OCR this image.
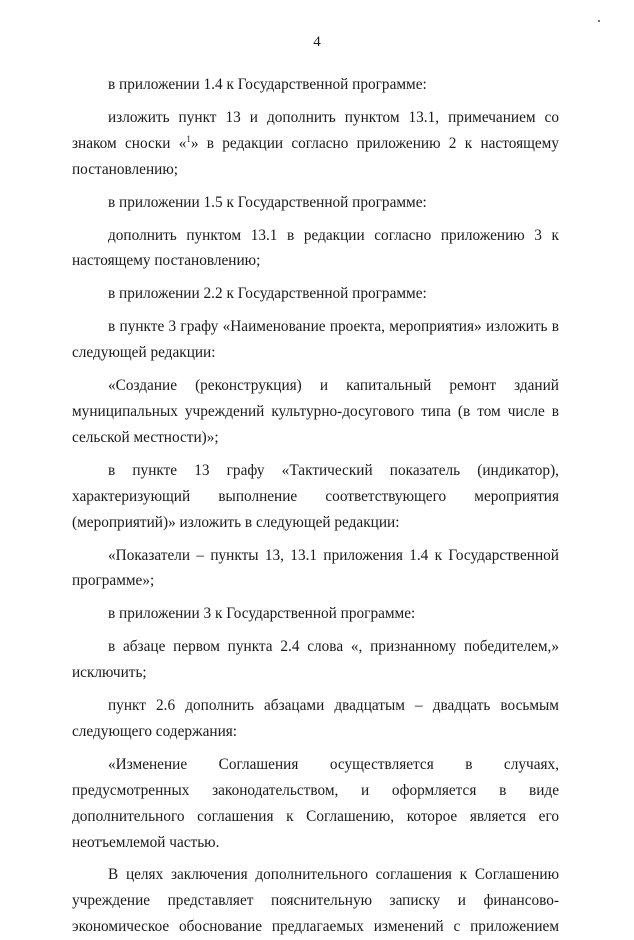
4

в приложении 1.4 к Государственной программе:

изложить пункт 13 и дополнить пунктом 13.1, примечанием со знаком сноски «$^1$» в редакции согласно приложению 2 к настоящему постановлению;

в приложении 1.5 к Государственной программе:

дополнить пунктом 13.1 в редакции согласно приложению 3 к настоящему постановлению;

в приложении 2.2 к Государственной программе:

в пункте 3 графу «Наименование проекта, мероприятия» изложить в следующей редакции:

«Создание (реконструкция) и капитальный ремонт зданий муниципальных учреждений культурно-досугового типа (в том числе в сельской местности)»;

в пункте 13 графу «Тактический показатель (индикатор), характеризующий выполнение соответствующего мероприятия (мероприятий)» изложить в следующей редакции:

«Показатели – пункты 13, 13.1 приложения 1.4 к Государственной программе»;

в приложении 3 к Государственной программе:

в абзаце первом пункта 2.4 слова «, признанному победителем,» исключить;

пункт 2.6 дополнить абзацами двадцатым – двадцать восьмым следующего содержания:

«Изменение Соглашения осуществляется в случаях, предусмотренных законодательством, и оформляется в виде дополнительного соглашения к Соглашению, которое является его неотъемлемой частью.

В целях заключения дополнительного соглашения к Соглашению учреждение представляет пояснительную записку и финансово-экономическое обоснование предлагаемых изменений с приложением
